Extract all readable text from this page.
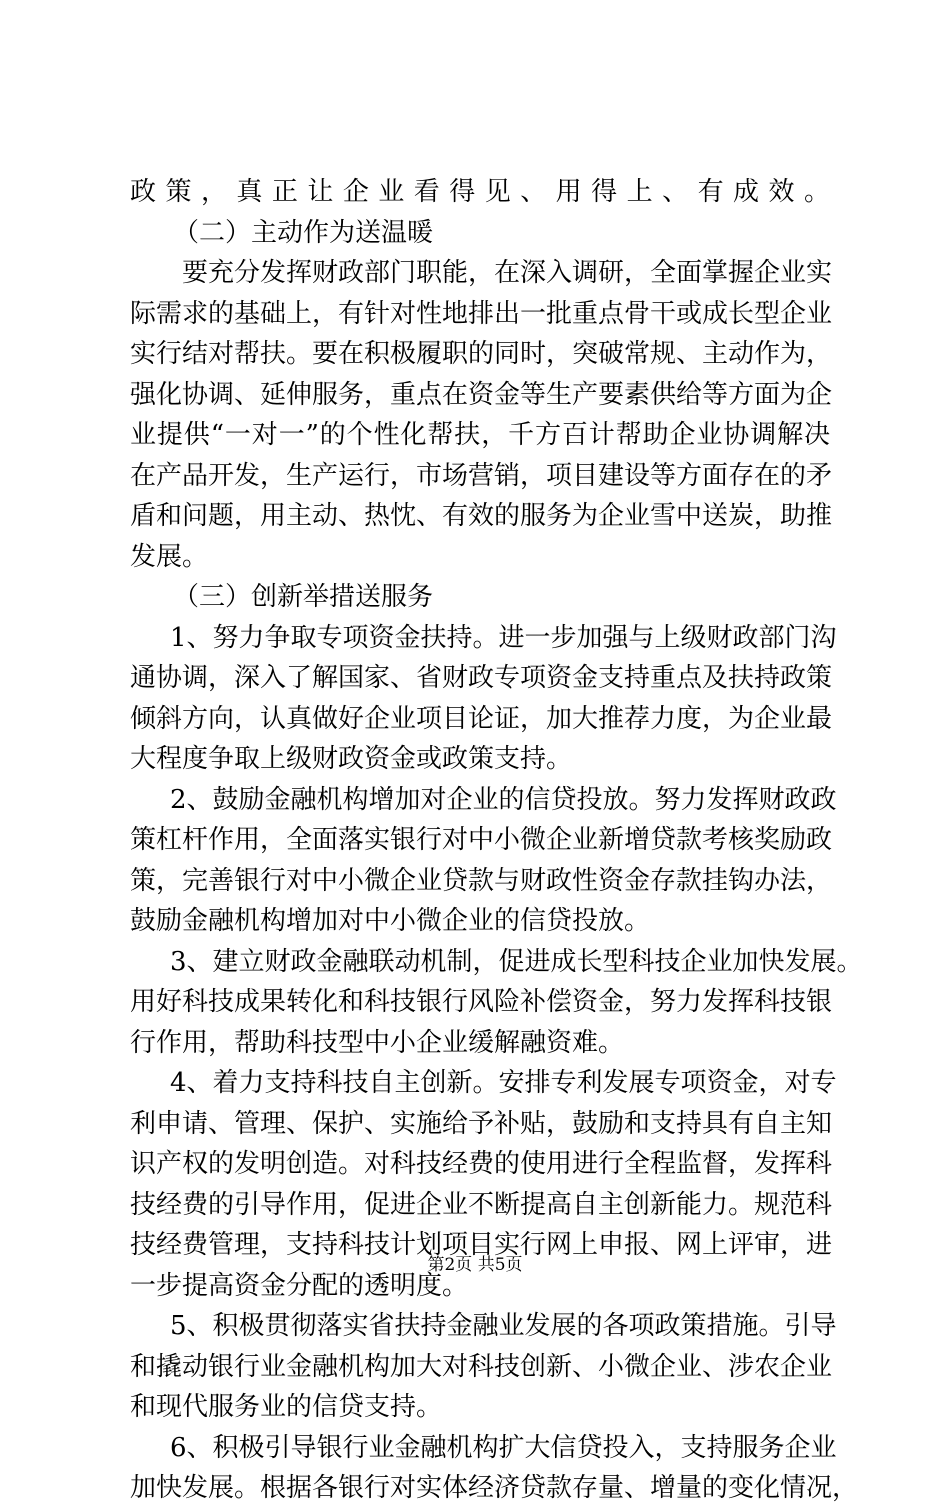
政策，真正让企业看得见、用得上、有成效。
（二）主动作为送温暖
要充分发挥财政部门职能，在深入调研，全面掌握企业实
际需求的基础上，有针对性地排出一批重点骨干或成长型企业
实行结对帮扶。要在积极履职的同时，突破常规、主动作为，
强化协调、延伸服务，重点在资金等生产要素供给等方面为企
业提供“一对一”的个性化帮扶，千方百计帮助企业协调解决
在产品开发，生产运行，市场营销，项目建设等方面存在的矛
盾和问题，用主动、热忱、有效的服务为企业雪中送炭，助推
发展。
（三）创新举措送服务
1、努力争取专项资金扶持。进一步加强与上级财政部门沟
通协调，深入了解国家、省财政专项资金支持重点及扶持政策
倾斜方向，认真做好企业项目论证，加大推荐力度，为企业最
大程度争取上级财政资金或政策支持。
2、鼓励金融机构增加对企业的信贷投放。努力发挥财政政
策杠杆作用，全面落实银行对中小微企业新增贷款考核奖励政
策，完善银行对中小微企业贷款与财政性资金存款挂钩办法，
鼓励金融机构增加对中小微企业的信贷投放。
3、建立财政金融联动机制，促进成长型科技企业加快发展。
用好科技成果转化和科技银行风险补偿资金，努力发挥科技银
行作用，帮助科技型中小企业缓解融资难。
4、着力支持科技自主创新。安排专利发展专项资金，对专
利申请、管理、保护、实施给予补贴，鼓励和支持具有自主知
识产权的发明创造。对科技经费的使用进行全程监督，发挥科
技经费的引导作用，促进企业不断提高自主创新能力。规范科
技经费管理，支持科技计划项目实行网上申报、网上评审，进
一步提高资金分配的透明度。
5、积极贯彻落实省扶持金融业发展的各项政策措施。引导
和撬动银行业金融机构加大对科技创新、小微企业、涉农企业
和现代服务业的信贷支持。
6、积极引导银行业金融机构扩大信贷投入，支持服务企业
加快发展。根据各银行对实体经济贷款存量、增量的变化情况，
第2页 共5页
